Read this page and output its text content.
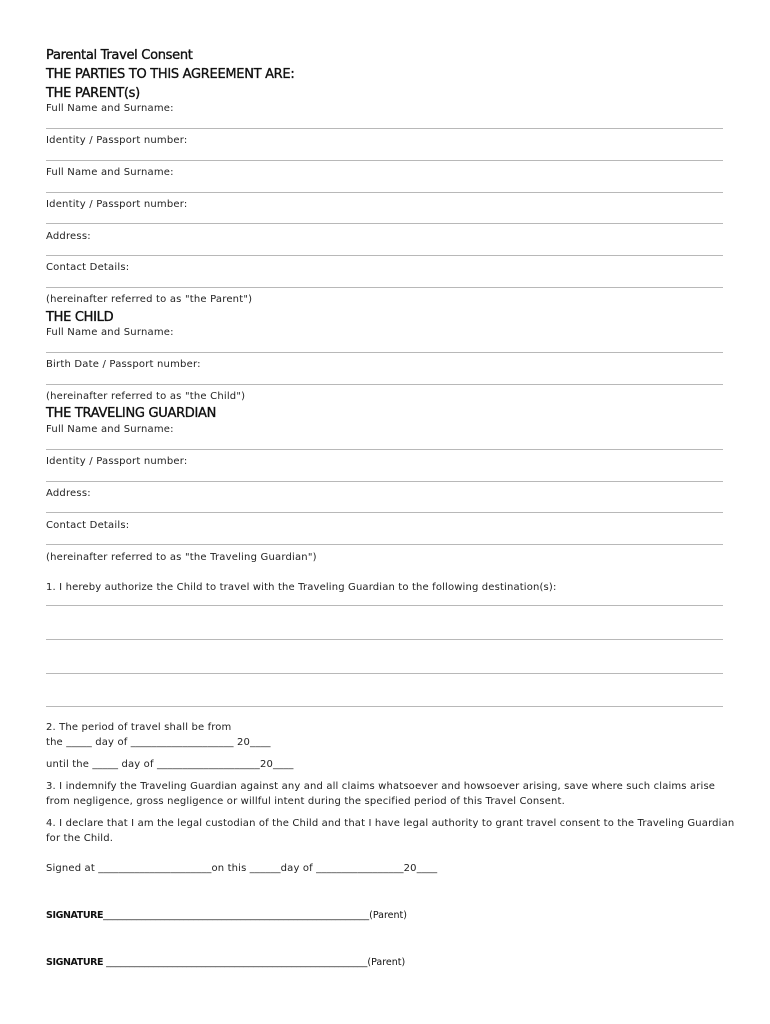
Parental Travel Consent
THE PARTIES TO THIS AGREEMENT ARE:
THE PARENT(s)
Full Name and Surname:
Identity / Passport number:
Full Name and Surname:
Identity / Passport number:
Address:
Contact Details:
(hereinafter referred to as "the Parent")
THE CHILD
Full Name and Surname:
Birth Date / Passport number:
(hereinafter referred to as "the Child")
THE TRAVELING GUARDIAN
Full Name and Surname:
Identity / Passport number:
Address:
Contact Details:
(hereinafter referred to as "the Traveling Guardian")
1. I hereby authorize the Child to travel with the Traveling Guardian to the following destination(s):
2. The period of travel shall be from
the _____ day of ____________________ 20____
until the _____ day of ____________________20____
3. I indemnify the Traveling Guardian against any and all claims whatsoever and howsoever arising, save where such claims arise
from negligence, gross negligence or willful intent during the specified period of this Travel Consent.
4. I declare that I am the legal custodian of the Child and that I have legal authority to grant travel consent to the Traveling Guardian
for the Child.
Signed at ______________________on this ______day of _________________20____
SIGNATURE________________________________________________________(Parent)
SIGNATURE _______________________________________________________(Parent)
